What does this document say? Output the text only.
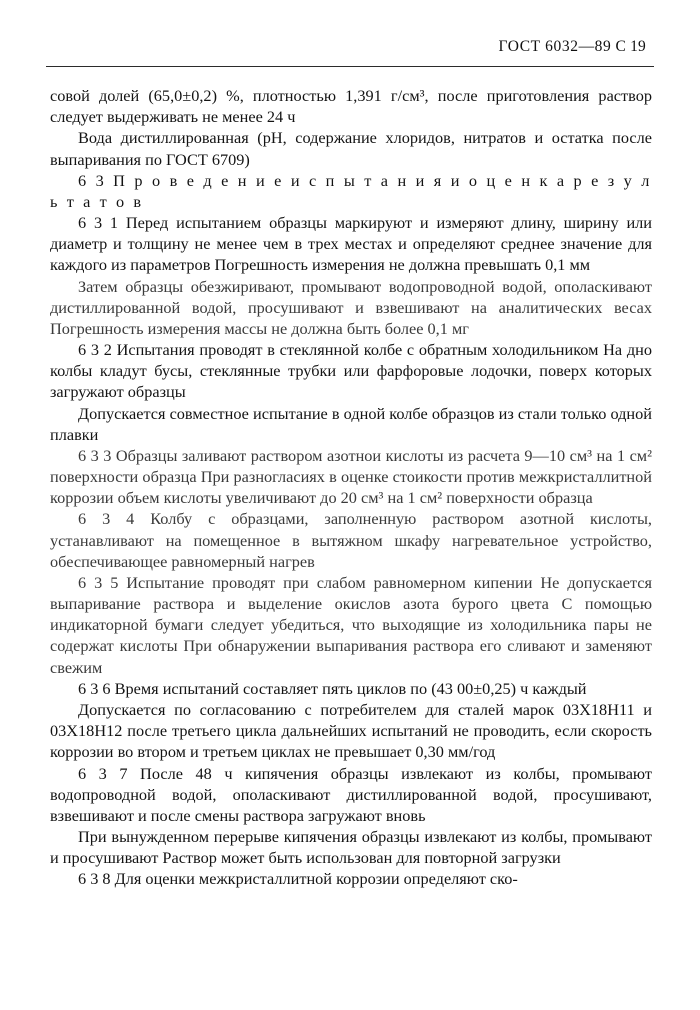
ГОСТ 6032—89 С 19

совой долей (65,0±0,2) %, плотностью 1,391 г/см³, после приготовления раствор следует выдерживать не менее 24 ч

Вода дистиллированная (рН, содержание хлоридов, нитратов и остатка после выпаривания по ГОСТ 6709)

6 3 П р о в е д е н и е и с п ы т а н и я и о ц е н к а р е з у л ь т а т о в

6 3 1 Перед испытанием образцы маркируют и измеряют длину, ширину или диаметр и толщину не менее чем в трех местах и определяют среднее значение для каждого из параметров Погрешность измерения не должна превышать 0,1 мм

Затем образцы обезжиривают, промывают водопроводной водой, ополаскивают дистиллированной водой, просушивают и взвешивают на аналитических весах Погрешность измерения массы не должна быть более 0,1 мг

6 3 2 Испытания проводят в стеклянной колбе с обратным холодильником На дно колбы кладут бусы, стеклянные трубки или фарфоровые лодочки, поверх которых загружают образцы

Допускается совместное испытание в одной колбе образцов из стали только одной плавки

6 3 3 Образцы заливают раствором азотнои кислоты из расчета 9—10 см³ на 1 см² поверхности образца При разногласиях в оценке стоикости против межкристаллитной коррозии объем кислоты увеличивают до 20 см³ на 1 см² поверхности образца

6 3 4 Колбу с образцами, заполненную раствором азотной кислоты, устанавливают на помещенное в вытяжном шкафу нагревательное устройство, обеспечивающее равномерный нагрев

6 3 5 Испытание проводят при слабом равномерном кипении Не допускается выпаривание раствора и выделение окислов азота бурого цвета С помощью индикаторной бумаги следует убедиться, что выходящие из холодильника пары не содержат кислоты При обнаружении выпаривания раствора его сливают и заменяют свежим

6 3 6 Время испытаний составляет пять циклов по (43 00±0,25) ч каждый

Допускается по согласованию с потребителем для сталей марок 03Х18Н11 и 03Х18Н12 после третьего цикла дальнейших испытаний не проводить, если скорость коррозии во втором и третьем циклах не превышает 0,30 мм/год

6 3 7 После 48 ч кипячения образцы извлекают из колбы, промывают водопроводной водой, ополаскивают дистиллированной водой, просушивают, взвешивают и после смены раствора загружают вновь

При вынужденном перерыве кипячения образцы извлекают из колбы, промывают и просушивают Раствор может быть использован для повторной загрузки

6 3 8 Для оценки межкристаллитной коррозии определяют ско-
